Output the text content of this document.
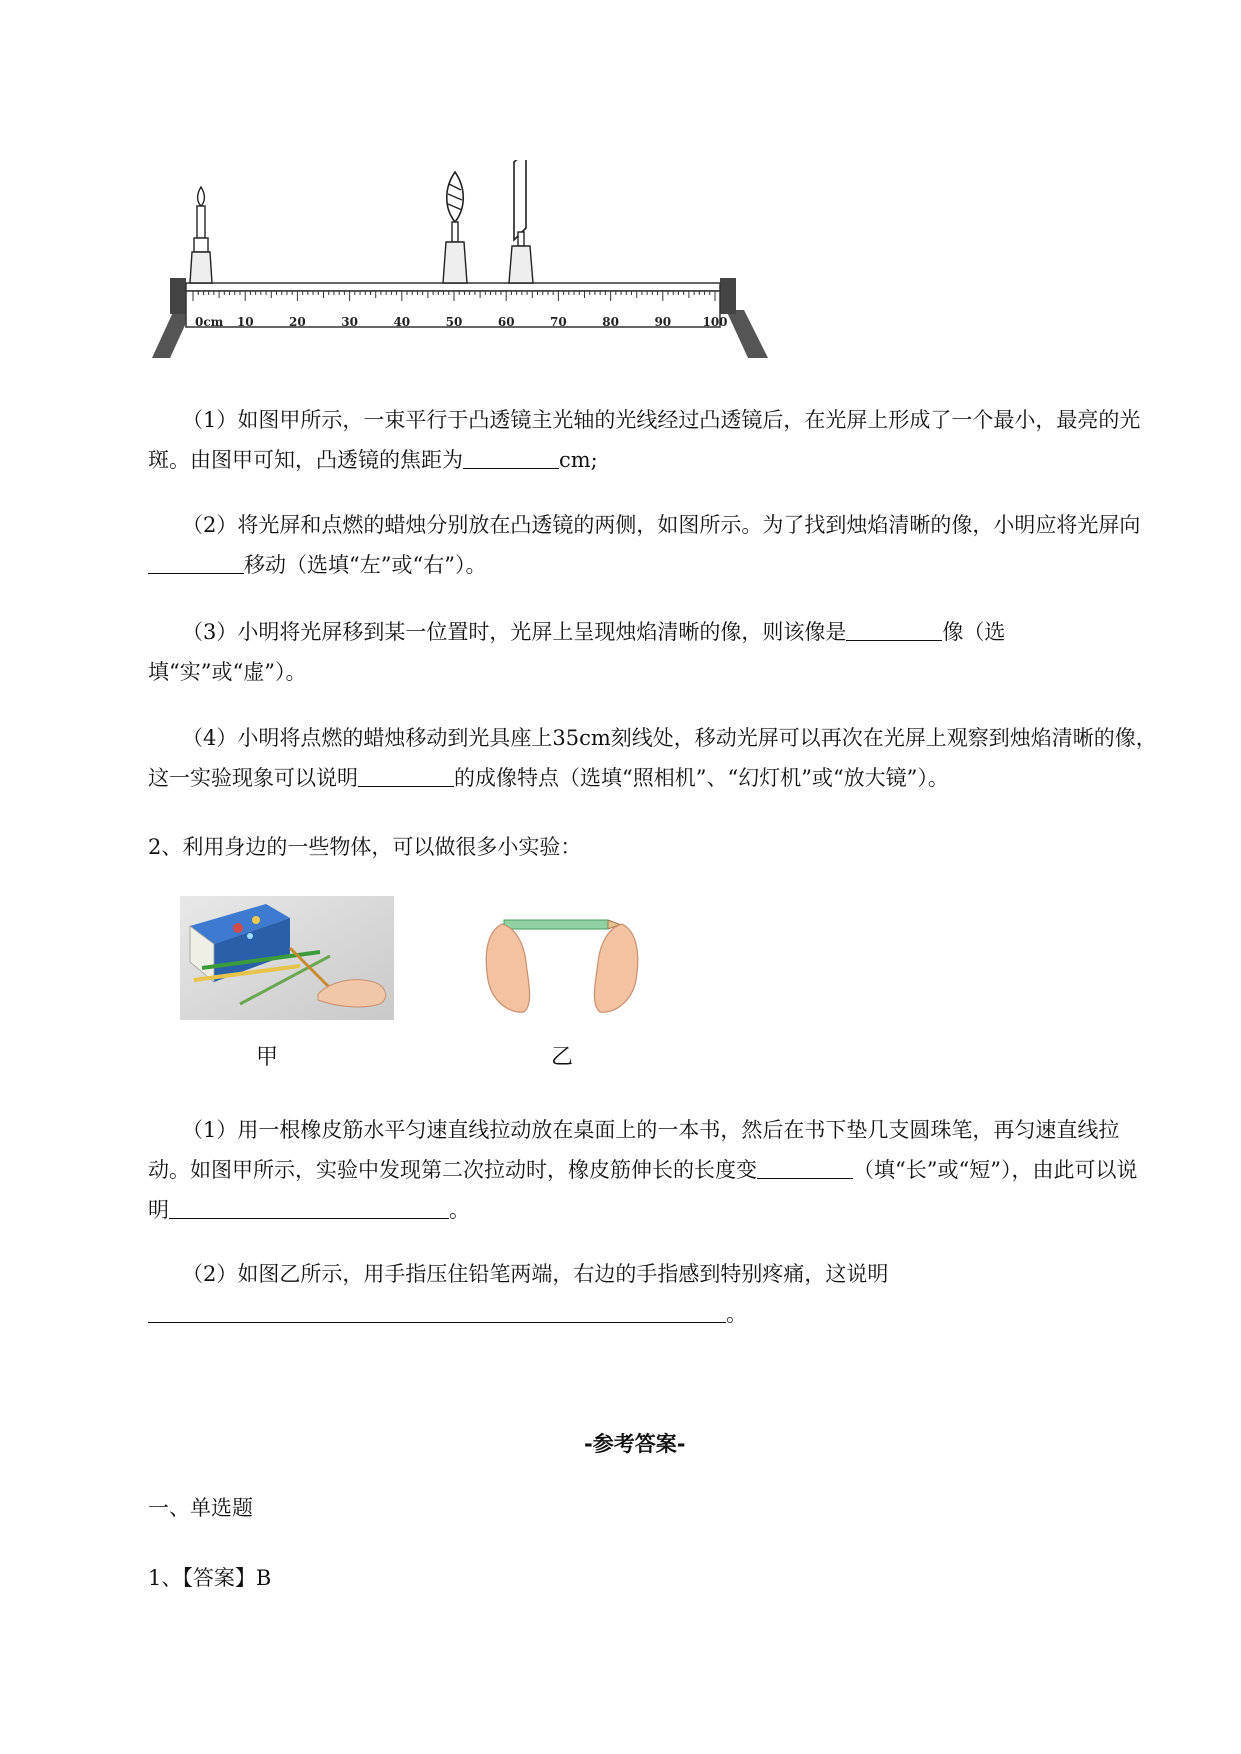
0cm 10	20	30	40	50	60	70	80	90	100
（1）如图甲所示，一束平行于凸透镜主光轴的光线经过凸透镜后，在光屏上形成了一个最小，最亮的光斑。由图甲可知，凸透镜的焦距为	cm;
（2）将光屏和点燃的蜡烛分别放在凸透镜的两侧，如图所示。为了找到烛焰清晰的像，小明应将光屏向移动（选填“左”或“右”）。
（3）小明将光屏移到某一位置时，光屏上呈现烛焰清晰的像，则该像是	像（选填“实”或“虚”）。
（4）小明将点燃的蜡烛移动到光具座上35cm刻线处，移动光屏可以再次在光屏上观察到烛焰清晰的像，这一实验现象可以说明	的成像特点（选填“照相机”、“幻灯机”或“放大镜”）。
2、利用身边的一些物体，可以做很多小实验：
甲	乙
（1）用一根橡皮筋水平匀速直线拉动放在桌面上的一本书，然后在书下垫几支圆珠笔，再匀速直线拉动。如图甲所示，实验中发现第二次拉动时，橡皮筋伸长的长度变	（填“长”或“短”），由此可以说明	。
（2）如图乙所示，用手指压住铅笔两端，右边的手指感到特别疼痛，这说明。
-参考答案-
一、单选题
1、【答案】B
